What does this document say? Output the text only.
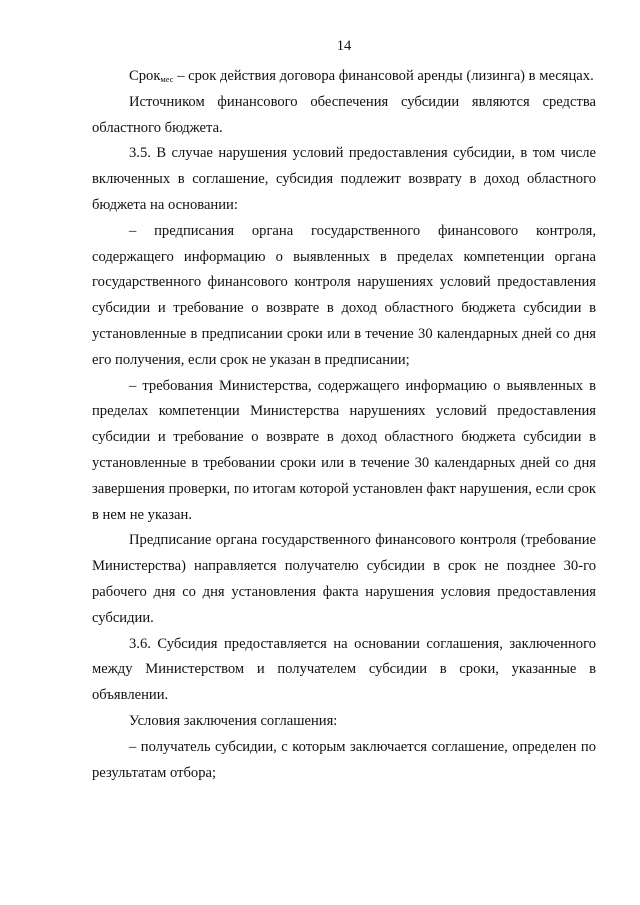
14

Срок$_{мес}$ – срок действия договора финансовой аренды (лизинга) в месяцах.

Источником финансового обеспечения субсидии являются средства областного бюджета.

3.5. В случае нарушения условий предоставления субсидии, в том числе включенных в соглашение, субсидия подлежит возврату в доход областного бюджета на основании:

– предписания органа государственного финансового контроля, содержащего информацию о выявленных в пределах компетенции органа государственного финансового контроля нарушениях условий предоставления субсидии и требование о возврате в доход областного бюджета субсидии в установленные в предписании сроки или в течение 30 календарных дней со дня его получения, если срок не указан в предписании;

– требования Министерства, содержащего информацию о выявленных в пределах компетенции Министерства нарушениях условий предоставления субсидии и требование о возврате в доход областного бюджета субсидии в установленные в требовании сроки или в течение 30 календарных дней со дня завершения проверки, по итогам которой установлен факт нарушения, если срок в нем не указан.

Предписание органа государственного финансового контроля (требование Министерства) направляется получателю субсидии в срок не позднее 30-го рабочего дня со дня установления факта нарушения условия предоставления субсидии.

3.6. Субсидия предоставляется на основании соглашения, заключенного между Министерством и получателем субсидии в сроки, указанные в объявлении.

Условия заключения соглашения:

– получатель субсидии, с которым заключается соглашение, определен по результатам отбора;
